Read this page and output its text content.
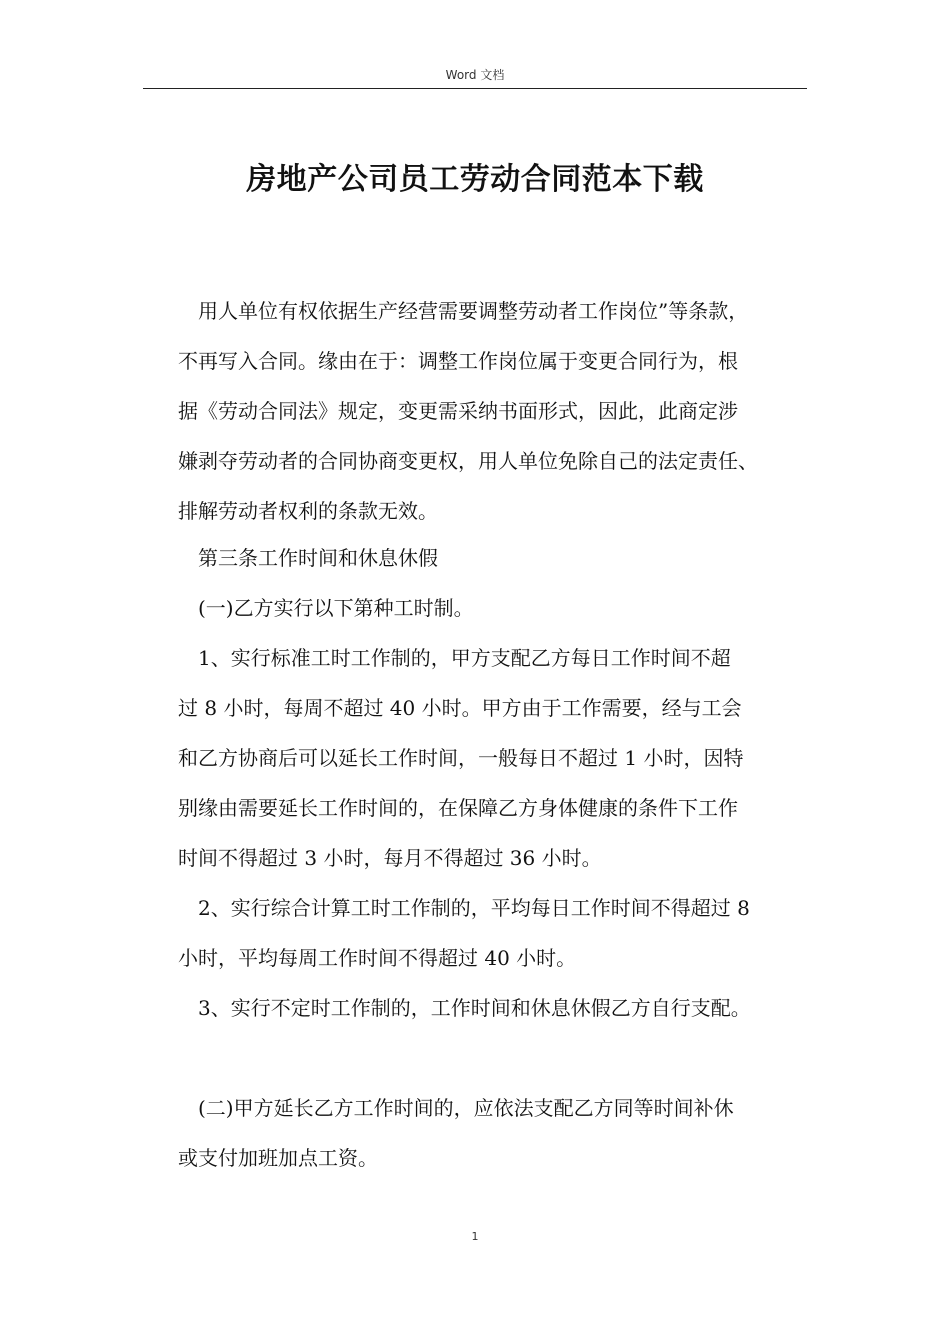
Word 文档
房地产公司员工劳动合同范本下载
用人单位有权依据生产经营需要调整劳动者工作岗位”等条款，
不再写入合同。缘由在于：调整工作岗位属于变更合同行为，根
据《劳动合同法》规定，变更需采纳书面形式，因此，此商定涉
嫌剥夺劳动者的合同协商变更权，用人单位免除自己的法定责任、
排解劳动者权利的条款无效。
第三条工作时间和休息休假
(一)乙方实行以下第种工时制。
1、实行标准工时工作制的，甲方支配乙方每日工作时间不超
过 8 小时，每周不超过 40 小时。甲方由于工作需要，经与工会
和乙方协商后可以延长工作时间，一般每日不超过 1 小时，因特
别缘由需要延长工作时间的，在保障乙方身体健康的条件下工作
时间不得超过 3 小时，每月不得超过 36 小时。
2、实行综合计算工时工作制的，平均每日工作时间不得超过 8
小时，平均每周工作时间不得超过 40 小时。
3、实行不定时工作制的，工作时间和休息休假乙方自行支配。
(二)甲方延长乙方工作时间的，应依法支配乙方同等时间补休
或支付加班加点工资。
1
